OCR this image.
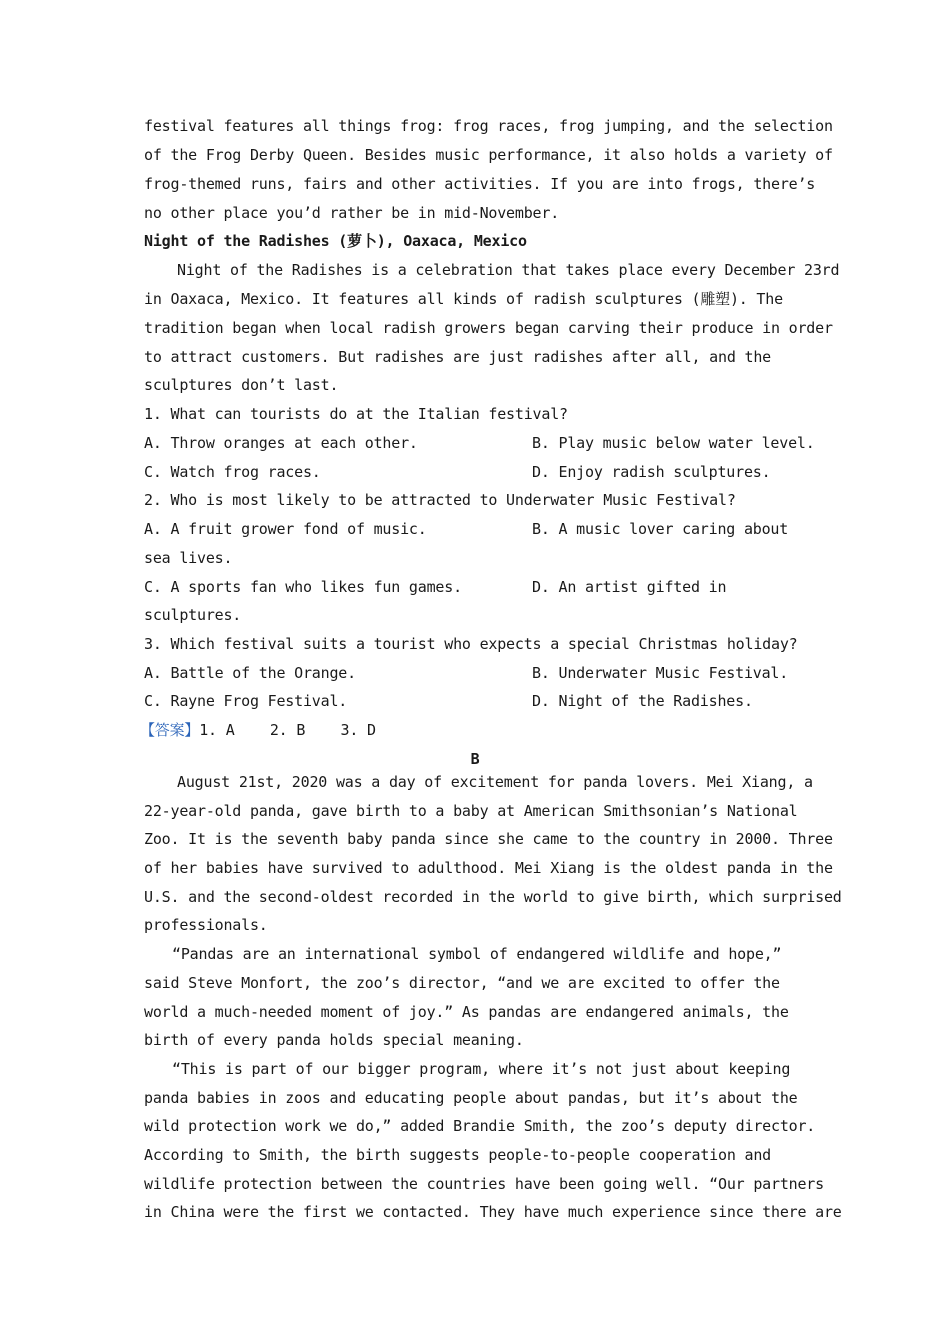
festival features all things frog: frog races, frog jumping, and the selection
of the Frog Derby Queen. Besides music performance, it also holds a variety of
frog-themed runs, fairs and other activities. If you are into frogs, there’s
no other place you’d rather be in mid-November.
Night of the Radishes (萝卜), Oaxaca, Mexico
Night of the Radishes is a celebration that takes place every December 23rd
in Oaxaca, Mexico. It features all kinds of radish sculptures (雕塑). The
tradition began when local radish growers began carving their produce in order
to attract customers. But radishes are just radishes after all, and the
sculptures don’t last.
1. What can tourists do at the Italian festival?
A. Throw oranges at each other.	B. Play music below water level.
C. Watch frog races.	D. Enjoy radish sculptures.
2. Who is most likely to be attracted to Underwater Music Festival?
A. A fruit grower fond of music.	B. A music lover caring about
sea lives.
C. A sports fan who likes fun games.	D. An artist gifted in
sculptures.
3. Which festival suits a tourist who expects a special Christmas holiday?
A. Battle of the Orange.	B. Underwater Music Festival.
C. Rayne Frog Festival.	D. Night of the Radishes.
【答案】1. A    2. B    3. D
B
August 21st, 2020 was a day of excitement for panda lovers. Mei Xiang, a
22-year-old panda, gave birth to a baby at American Smithsonian’s National
Zoo. It is the seventh baby panda since she came to the country in 2000. Three
of her babies have survived to adulthood. Mei Xiang is the oldest panda in the
U.S. and the second-oldest recorded in the world to give birth, which surprised
professionals.
“Pandas are an international symbol of endangered wildlife and hope,”
said Steve Monfort, the zoo’s director, “and we are excited to offer the
world a much-needed moment of joy.” As pandas are endangered animals, the
birth of every panda holds special meaning.
“This is part of our bigger program, where it’s not just about keeping
panda babies in zoos and educating people about pandas, but it’s about the
wild protection work we do,” added Brandie Smith, the zoo’s deputy director.
According to Smith, the birth suggests people-to-people cooperation and
wildlife protection between the countries have been going well. “Our partners
in China were the first we contacted. They have much experience since there are
